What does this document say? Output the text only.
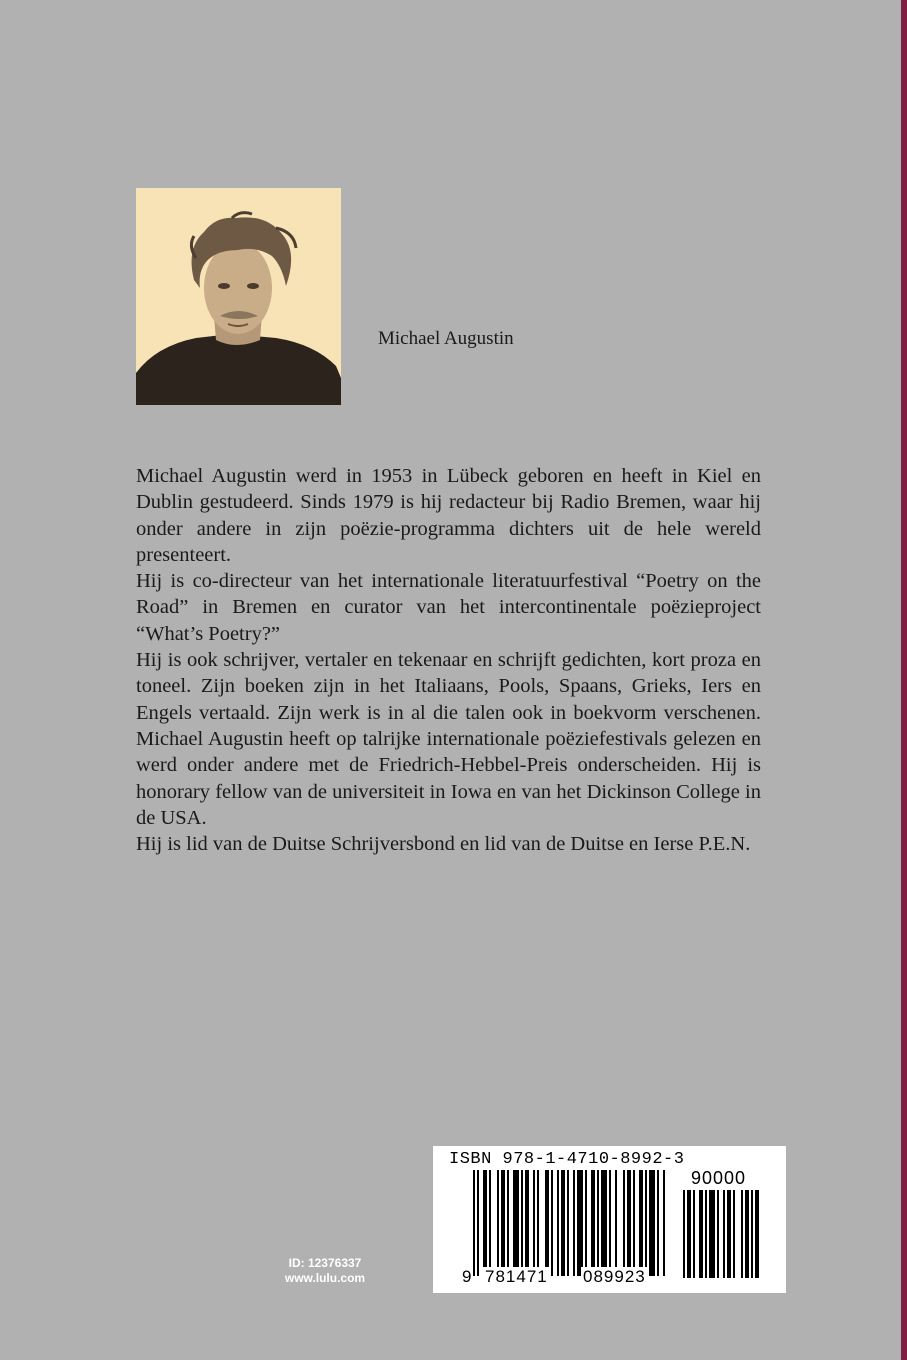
Michael Augustin

Michael Augustin werd in 1953 in Lübeck geboren en heeft in Kiel en Dublin gestudeerd. Sinds 1979 is hij redacteur bij Radio Bremen, waar hij onder andere in zijn poëzie-programma dichters uit de hele wereld presenteert.

Hij is co-directeur van het internationale literatuurfestival “Poetry on the Road” in Bremen en curator van het intercontinentale poëzieproject “What’s Poetry?”

Hij is ook schrijver, vertaler en tekenaar en schrijft gedichten, kort proza en toneel. Zijn boeken zijn in het Italiaans, Pools, Spaans, Grieks, Iers en Engels vertaald. Zijn werk is in al die talen ook in boekvorm verschenen. Michael Augustin heeft op talrijke internationale poëziefestivals gelezen en werd onder andere met de Friedrich-Hebbel-Preis onderscheiden. Hij is honorary fellow van de universiteit in Iowa en van het Dickinson College in de USA.

Hij is lid van de Duitse Schrijversbond en lid van de Duitse en Ierse P.E.N.

ID: 12376337
www.lulu.com
ISBN 978-1-4710-8992-3
90000
9 781471 089923
